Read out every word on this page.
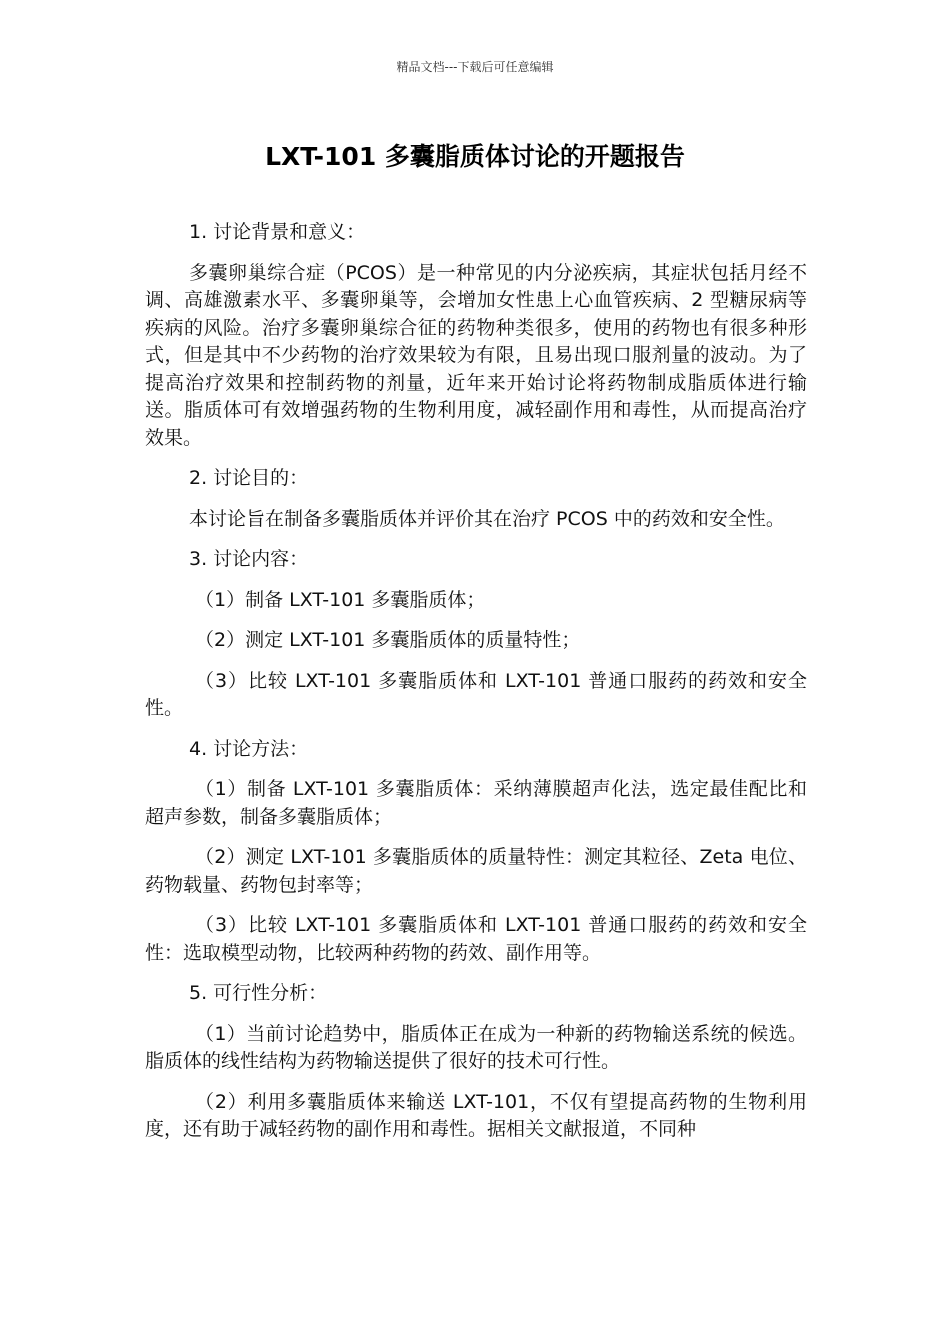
精品文档---下载后可任意编辑
LXT-101 多囊脂质体讨论的开题报告

1. 讨论背景和意义：

多囊卵巢综合症（PCOS）是一种常见的内分泌疾病，其症状包括月经不调、高雄激素水平、多囊卵巢等，会增加女性患上心血管疾病、2 型糖尿病等疾病的风险。治疗多囊卵巢综合征的药物种类很多，使用的药物也有很多种形式，但是其中不少药物的治疗效果较为有限，且易出现口服剂量的波动。为了提高治疗效果和控制药物的剂量，近年来开始讨论将药物制成脂质体进行输送。脂质体可有效增强药物的生物利用度，减轻副作用和毒性，从而提高治疗效果。

2. 讨论目的：

本讨论旨在制备多囊脂质体并评价其在治疗 PCOS 中的药效和安全性。

3. 讨论内容：

（1）制备 LXT-101 多囊脂质体；

（2）测定 LXT-101 多囊脂质体的质量特性；

（3）比较 LXT-101 多囊脂质体和 LXT-101 普通口服药的药效和安全性。

4. 讨论方法：

（1）制备 LXT-101 多囊脂质体：采纳薄膜超声化法，选定最佳配比和超声参数，制备多囊脂质体；

（2）测定 LXT-101 多囊脂质体的质量特性：测定其粒径、Zeta 电位、药物载量、药物包封率等；

（3）比较 LXT-101 多囊脂质体和 LXT-101 普通口服药的药效和安全性：选取模型动物，比较两种药物的药效、副作用等。

5. 可行性分析：

（1）当前讨论趋势中，脂质体正在成为一种新的药物输送系统的候选。脂质体的线性结构为药物输送提供了很好的技术可行性。

（2）利用多囊脂质体来输送 LXT-101，不仅有望提高药物的生物利用度，还有助于减轻药物的副作用和毒性。据相关文献报道，不同种
